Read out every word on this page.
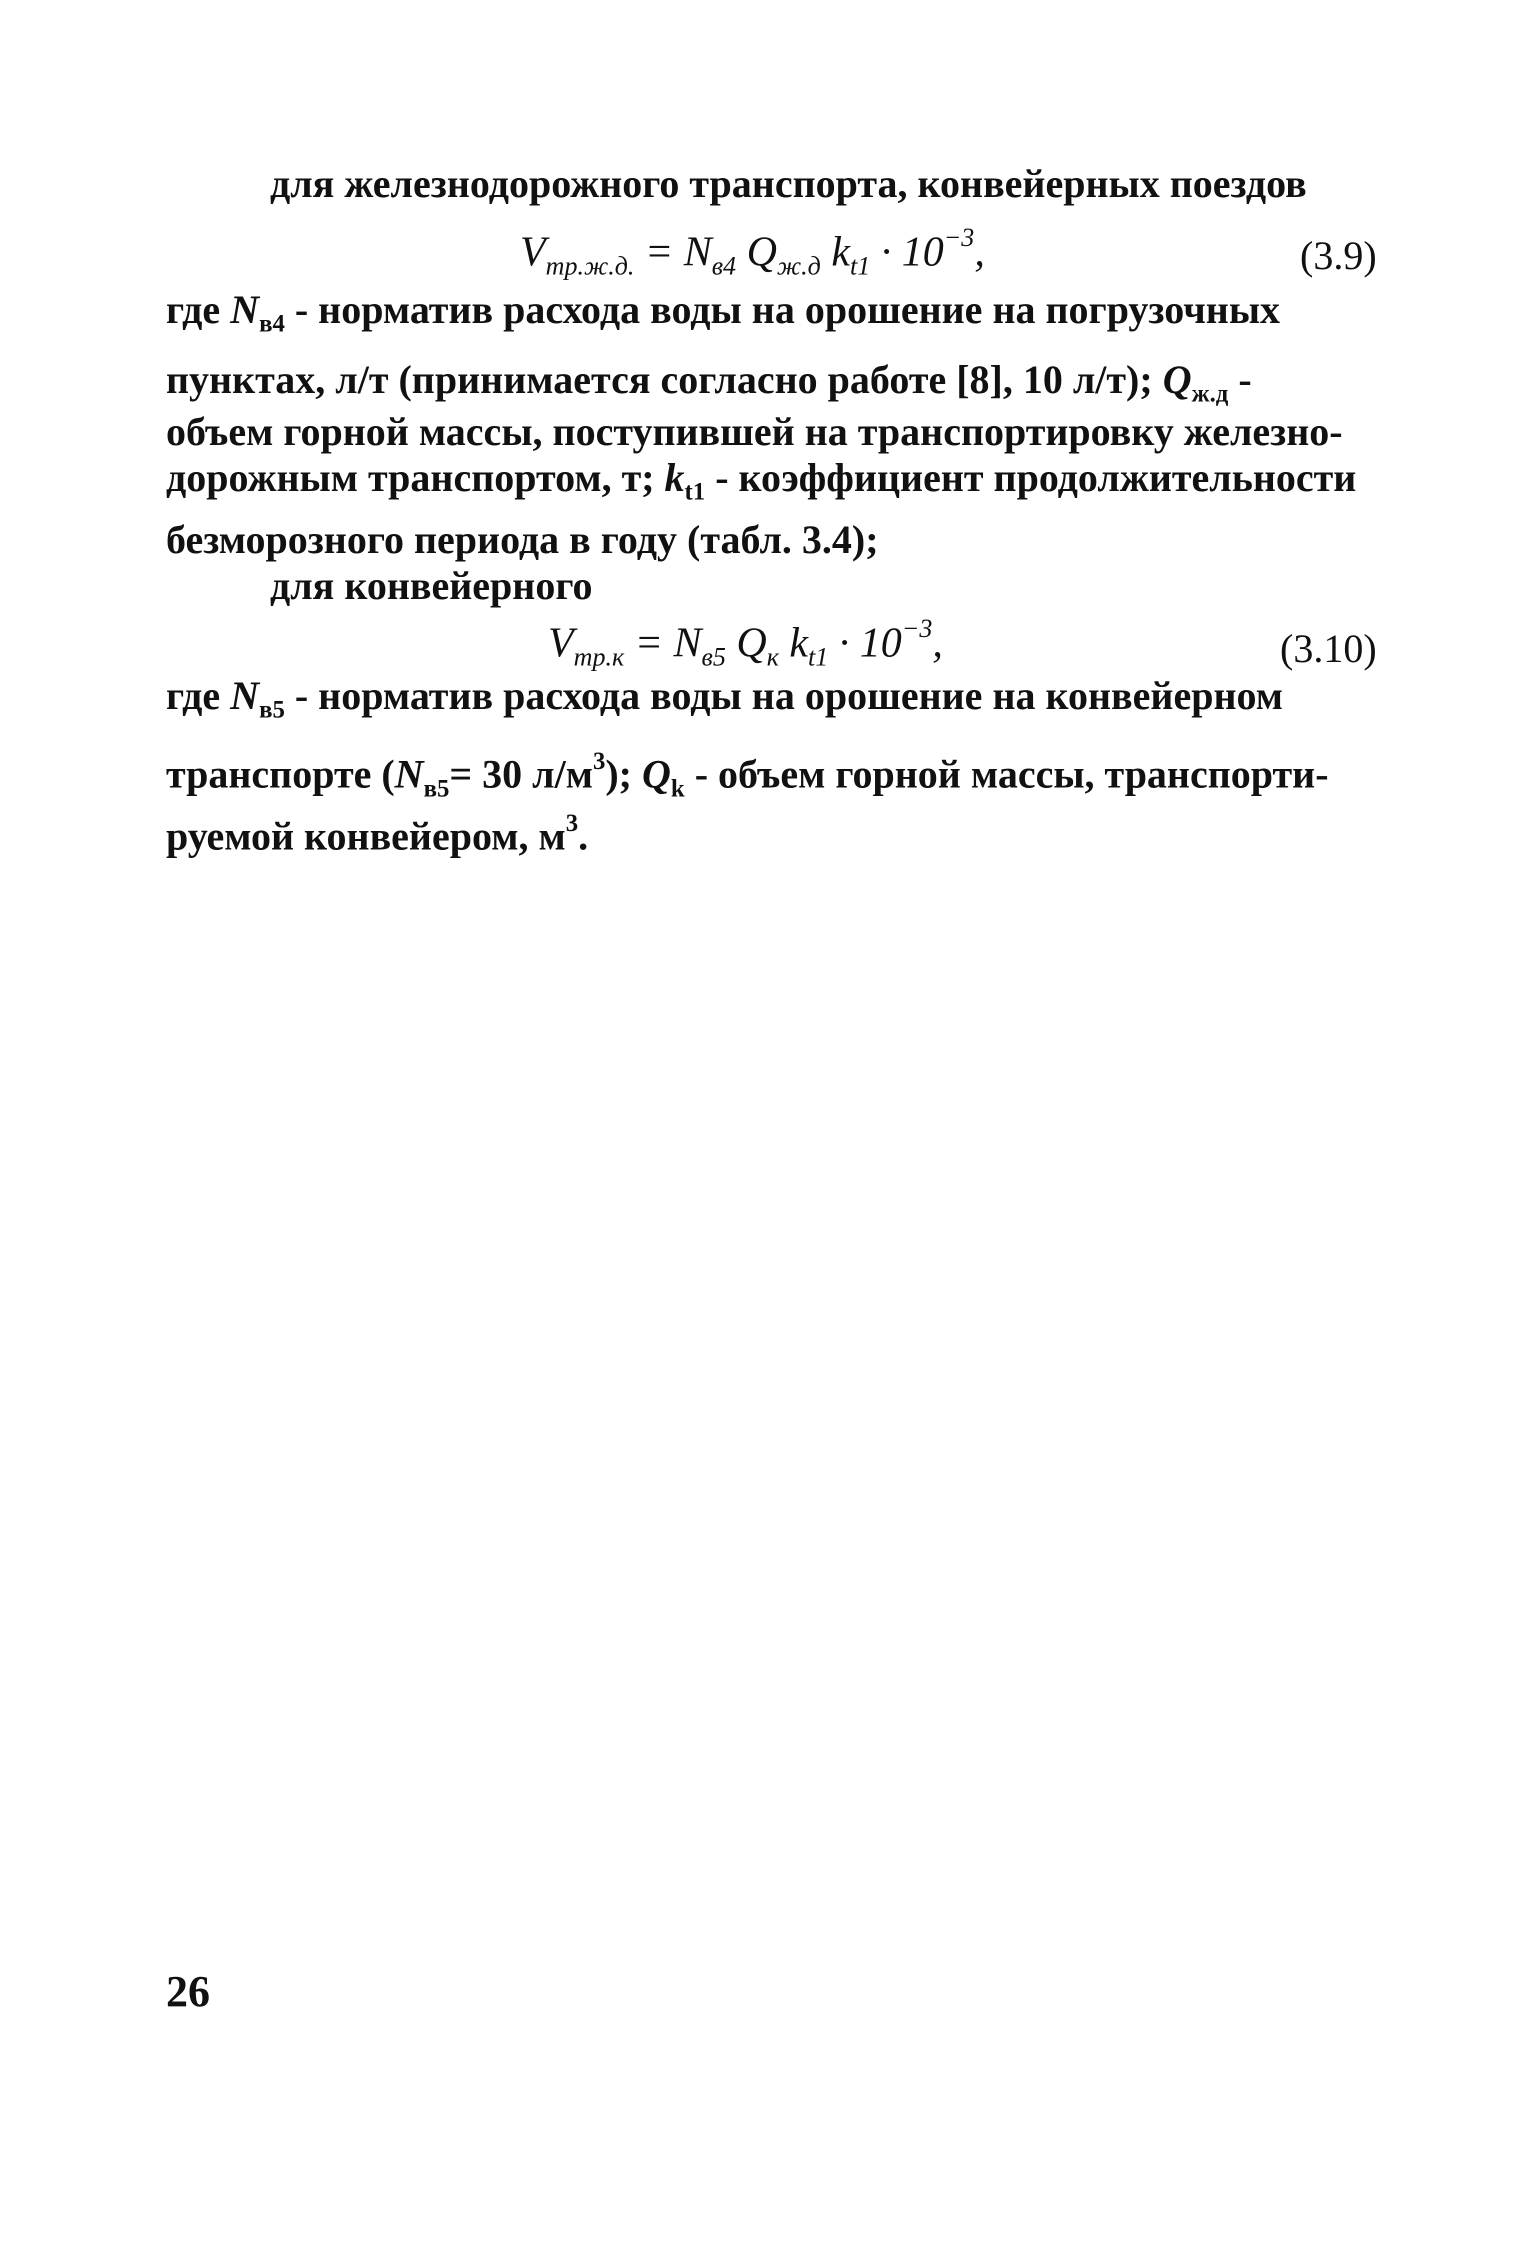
для железнодорожного транспорта, конвейерных поездов
$V_{тр.ж.д.} = N_{в4}$ $Q_{ж.д}$ $k_{t1} \cdot 10^{-3}$,	(3.9)
где $N_{в4}$ - норматив расхода воды на орошение на погрузочных
пунктах, л/т (принимается согласно работе [8], 10 л/т); $Q_{ж.д}$ -
объем горной массы, поступившей на транспортировку железно-
дорожным транспортом, т; $k_{t1}$ - коэффициент продолжительности
безморозного периода в году (табл. 3.4);
для конвейерного
$V_{тр.к} = N_{в5}$ $Q_к$ $k_{t1} \cdot 10^{-3}$,	(3.10)
где $N_{в5}$ - норматив расхода воды на орошение на конвейерном
транспорте ($N_{в5}= 30$ $л/м^3$); $Q_k$ - объем горной массы, транспорти-
руемой конвейером, $м^3$.
26
